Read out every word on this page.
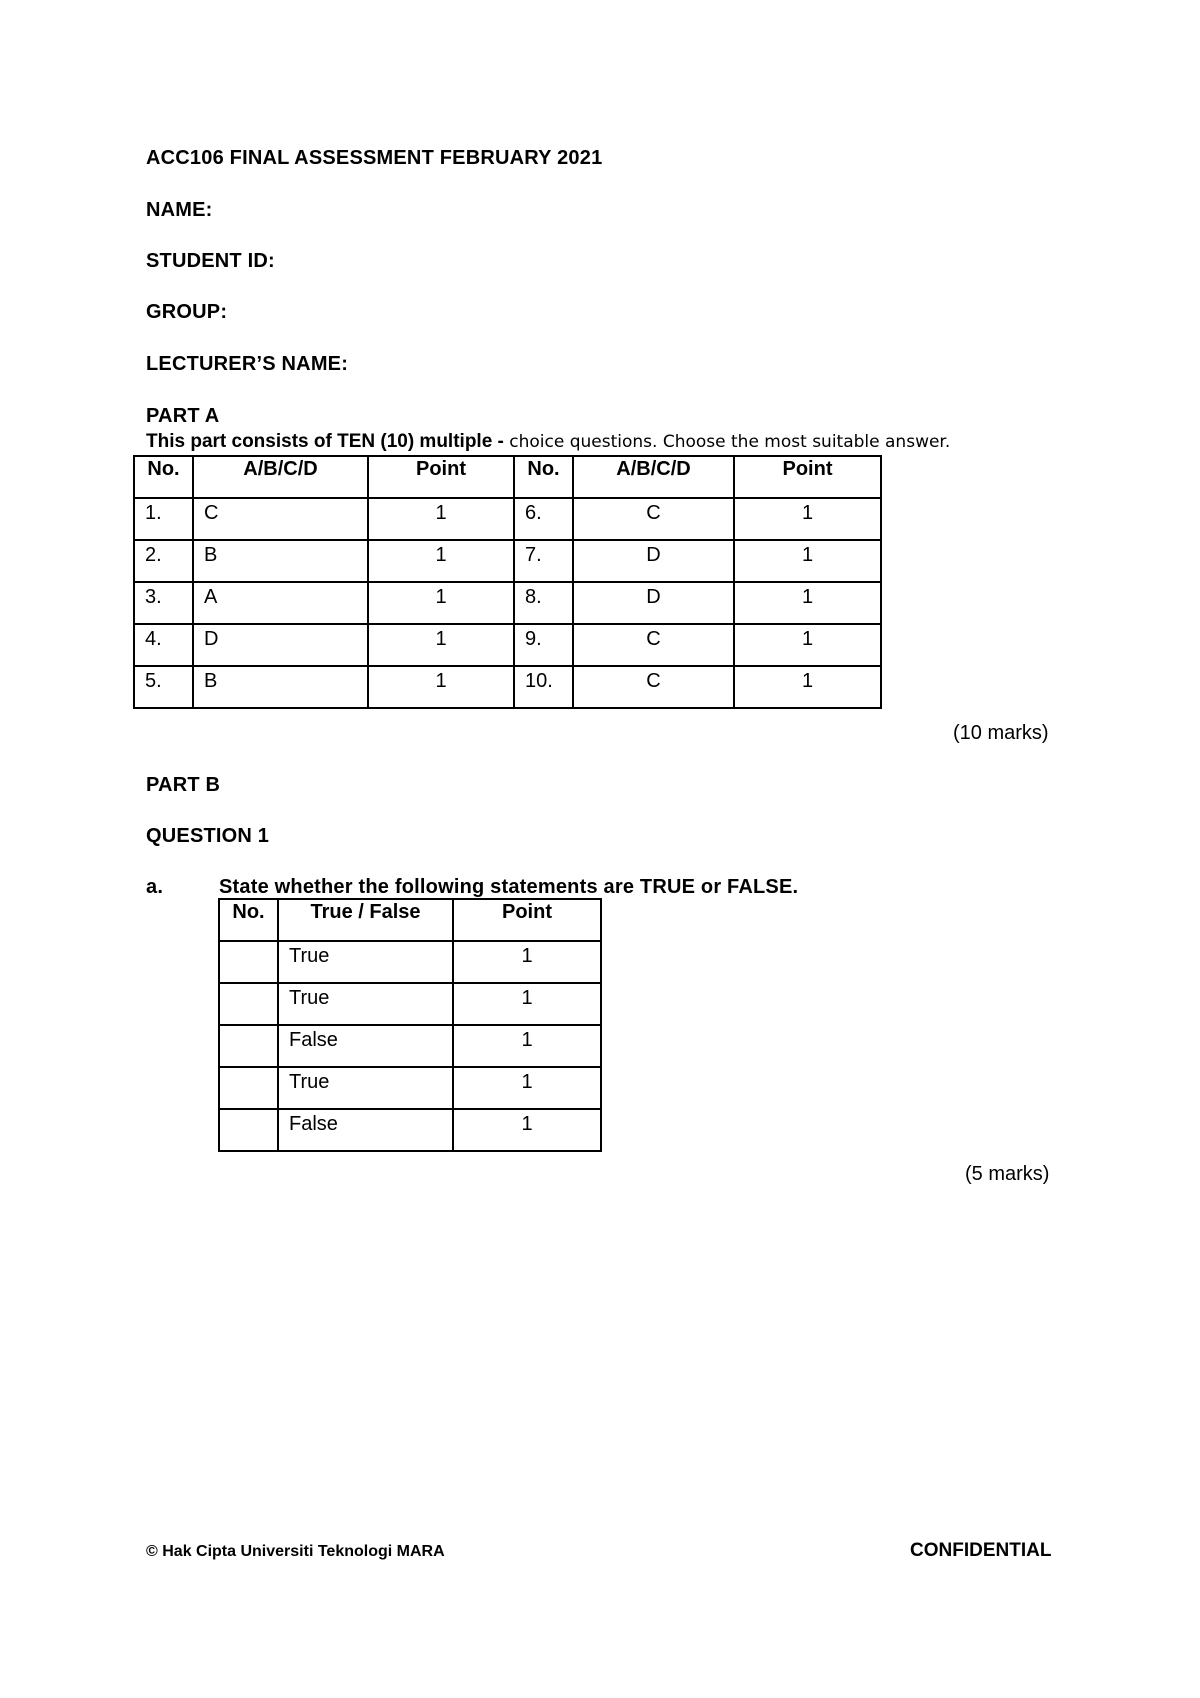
ACC106 FINAL ASSESSMENT FEBRUARY 2021
NAME:
STUDENT ID:
GROUP:
LECTURER’S NAME:
PART A
This part consists of TEN (10) multiple - choice questions. Choose the most suitable answer.
No.	A/B/C/D	Point	No.	A/B/C/D	Point
1.	C	1	6.	C	1
2.	B	1	7.	D	1
3.	A	1	8.	D	1
4.	D	1	9.	C	1
5.	B	1	10.	C	1
(10 marks)
PART B
QUESTION 1
a.	State whether the following statements are TRUE or FALSE.
No.	True / False	Point
	True	1
	True	1
	False	1
	True	1
	False	1
(5 marks)
© Hak Cipta Universiti Teknologi MARA	CONFIDENTIAL
